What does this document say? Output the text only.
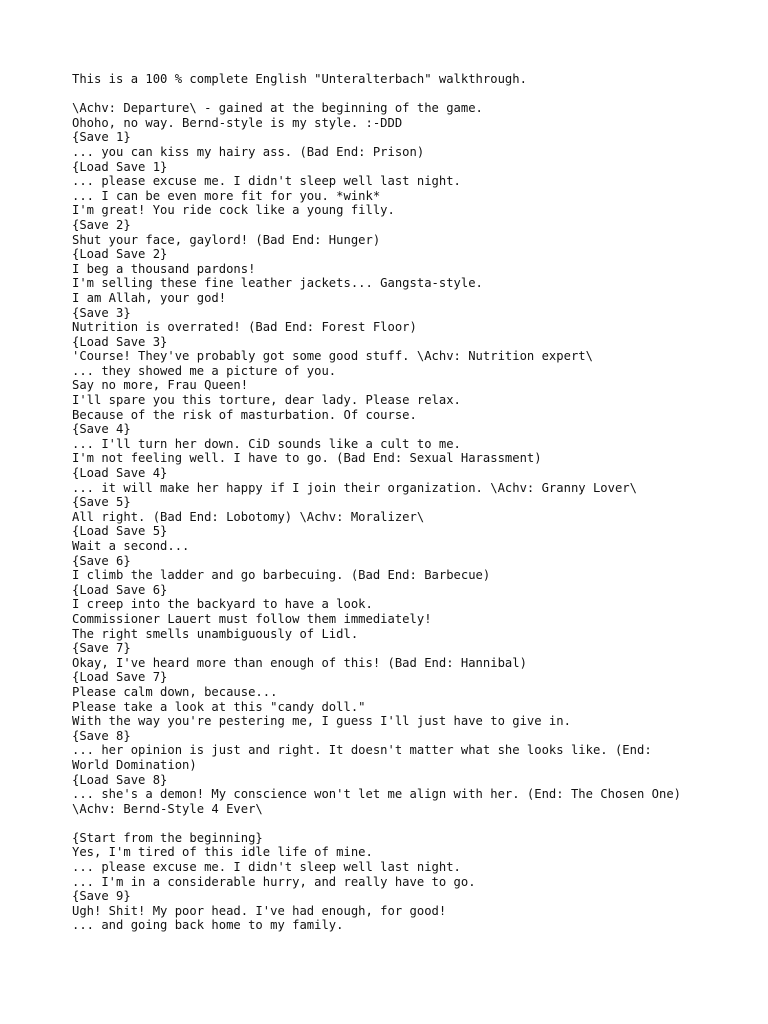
This is a 100 % complete English "Unteralterbach" walkthrough.
\Achv: Departure\ - gained at the beginning of the game.
Ohoho, no way. Bernd-style is my style. :-DDD
{Save 1}
... you can kiss my hairy ass. (Bad End: Prison)
{Load Save 1}
... please excuse me. I didn't sleep well last night.
... I can be even more fit for you. *wink*
I'm great! You ride cock like a young filly.
{Save 2}
Shut your face, gaylord! (Bad End: Hunger)
{Load Save 2}
I beg a thousand pardons!
I'm selling these fine leather jackets... Gangsta-style.
I am Allah, your god!
{Save 3}
Nutrition is overrated! (Bad End: Forest Floor)
{Load Save 3}
'Course! They've probably got some good stuff. \Achv: Nutrition expert\
... they showed me a picture of you.
Say no more, Frau Queen!
I'll spare you this torture, dear lady. Please relax.
Because of the risk of masturbation. Of course.
{Save 4}
... I'll turn her down. CiD sounds like a cult to me.
I'm not feeling well. I have to go. (Bad End: Sexual Harassment)
{Load Save 4}
... it will make her happy if I join their organization. \Achv: Granny Lover\
{Save 5}
All right. (Bad End: Lobotomy) \Achv: Moralizer\
{Load Save 5}
Wait a second...
{Save 6}
I climb the ladder and go barbecuing. (Bad End: Barbecue)
{Load Save 6}
I creep into the backyard to have a look.
Commissioner Lauert must follow them immediately!
The right smells unambiguously of Lidl.
{Save 7}
Okay, I've heard more than enough of this! (Bad End: Hannibal)
{Load Save 7}
Please calm down, because...
Please take a look at this "candy doll."
With the way you're pestering me, I guess I'll just have to give in.
{Save 8}
... her opinion is just and right. It doesn't matter what she looks like. (End:
World Domination)
{Load Save 8}
... she's a demon! My conscience won't let me align with her. (End: The Chosen One)
\Achv: Bernd-Style 4 Ever\
{Start from the beginning}
Yes, I'm tired of this idle life of mine.
... please excuse me. I didn't sleep well last night.
... I'm in a considerable hurry, and really have to go.
{Save 9}
Ugh! Shit! My poor head. I've had enough, for good!
... and going back home to my family.
